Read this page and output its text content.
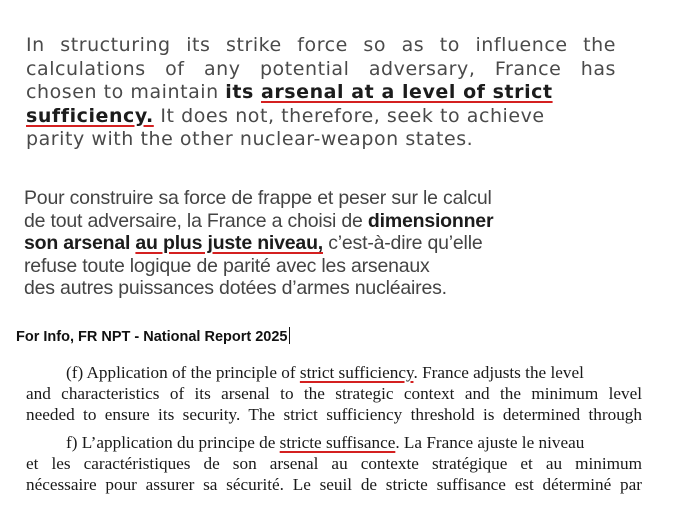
In structuring its strike force so as to influence the
calculations of any potential adversary, France has
chosen to maintain its arsenal at a level of strict
sufficiency. It does not, therefore, seek to achieve
parity with the other nuclear-weapon states.
Pour construire sa force de frappe et peser sur le calcul
de tout adversaire, la France a choisi de dimensionner
son arsenal au plus juste niveau, c’est-à-dire qu’elle
refuse toute logique de parité avec les arsenaux
des autres puissances dotées d’armes nucléaires.
For Info, FR NPT - National Report 2025
(f) Application of the principle of strict sufficiency. France adjusts the level
and characteristics of its arsenal to the strategic context and the minimum level
needed to ensure its security. The strict sufficiency threshold is determined through
f) L’application du principe de stricte suffisance. La France ajuste le niveau
et les caractéristiques de son arsenal au contexte stratégique et au minimum
nécessaire pour assurer sa sécurité. Le seuil de stricte suffisance est déterminé par
